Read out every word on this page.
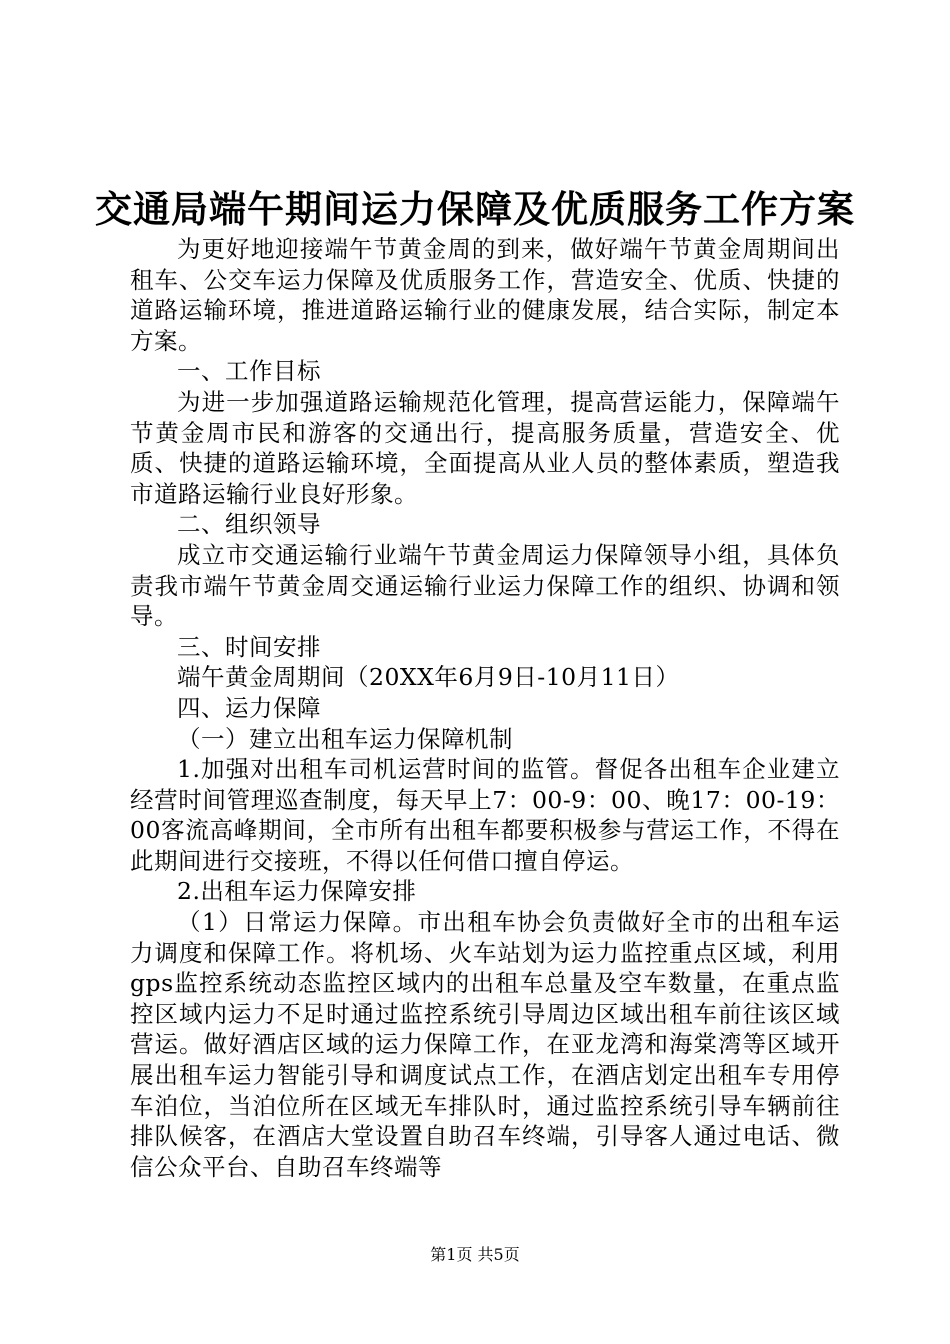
交通局端午期间运力保障及优质服务工作方案

为更好地迎接端午节黄金周的到来，做好端午节黄金周期间出租车、公交车运力保障及优质服务工作，营造安全、优质、快捷的道路运输环境，推进道路运输行业的健康发展，结合实际，制定本方案。

一、工作目标

为进一步加强道路运输规范化管理，提高营运能力，保障端午节黄金周市民和游客的交通出行，提高服务质量，营造安全、优质、快捷的道路运输环境，全面提高从业人员的整体素质，塑造我市道路运输行业良好形象。

二、组织领导

成立市交通运输行业端午节黄金周运力保障领导小组，具体负责我市端午节黄金周交通运输行业运力保障工作的组织、协调和领导。

三、时间安排

端午黄金周期间（20XX年6月9日-10月11日）

四、运力保障

（一）建立出租车运力保障机制

1.加强对出租车司机运营时间的监管。督促各出租车企业建立经营时间管理巡查制度，每天早上7：00-9：00、晚17：00-19：00客流高峰期间，全市所有出租车都要积极参与营运工作，不得在此期间进行交接班，不得以任何借口擅自停运。

2.出租车运力保障安排

（1）日常运力保障。市出租车协会负责做好全市的出租车运力调度和保障工作。将机场、火车站划为运力监控重点区域，利用gps监控系统动态监控区域内的出租车总量及空车数量，在重点监控区域内运力不足时通过监控系统引导周边区域出租车前往该区域营运。做好酒店区域的运力保障工作，在亚龙湾和海棠湾等区域开展出租车运力智能引导和调度试点工作，在酒店划定出租车专用停车泊位，当泊位所在区域无车排队时，通过监控系统引导车辆前往排队候客，在酒店大堂设置自助召车终端，引导客人通过电话、微信公众平台、自助召车终端等

第1页 共5页
